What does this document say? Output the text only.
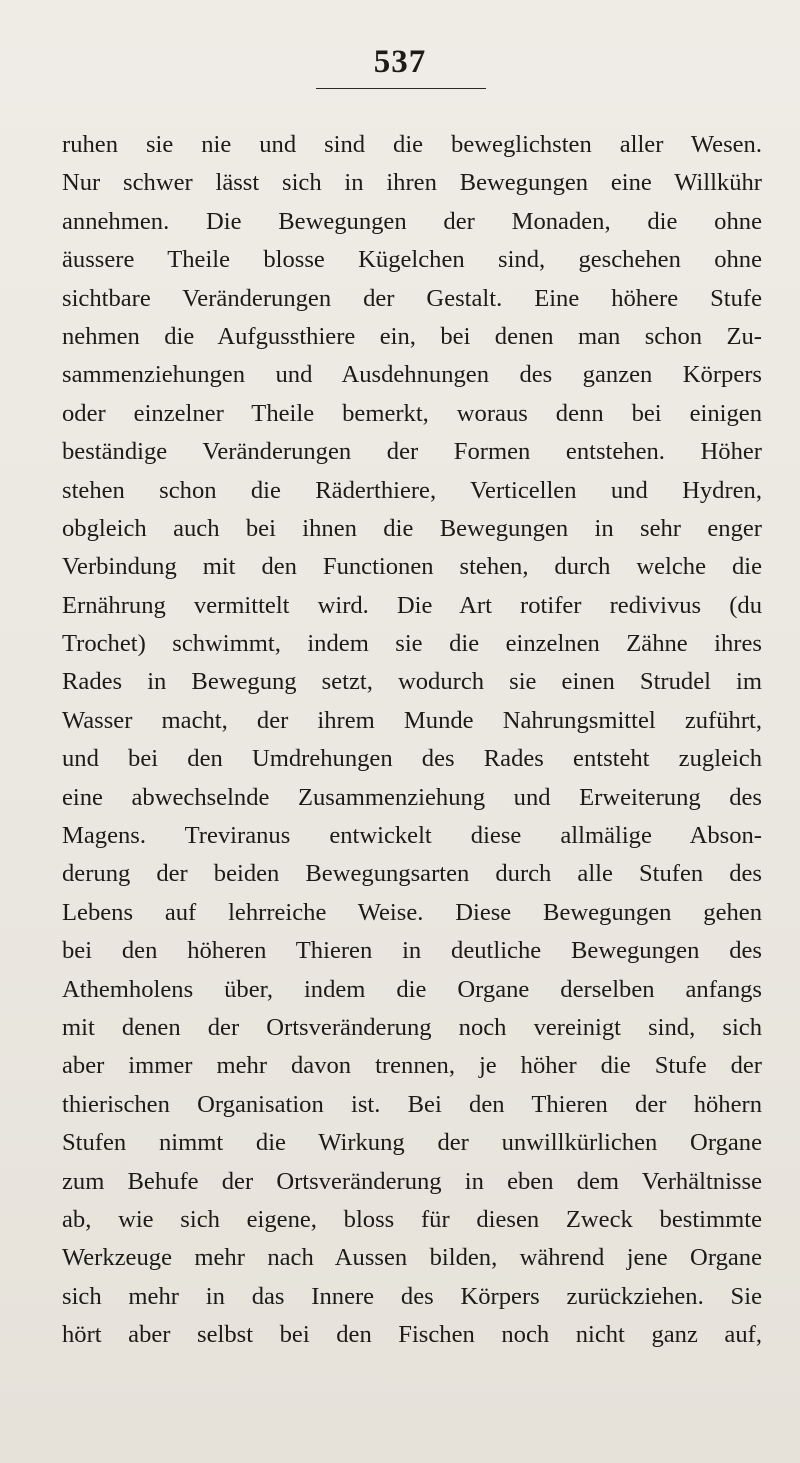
537
ruhen sie nie und sind die beweglichsten aller Wesen.
Nur schwer lässt sich in ihren Bewegungen eine Willkühr
annehmen. Die Bewegungen der Monaden, die ohne
äussere Theile blosse Kügelchen sind, geschehen ohne
sichtbare Veränderungen der Gestalt. Eine höhere Stufe
nehmen die Aufgussthiere ein, bei denen man schon Zu-
sammenziehungen und Ausdehnungen des ganzen Körpers
oder einzelner Theile bemerkt, woraus denn bei einigen
beständige Veränderungen der Formen entstehen. Höher
stehen schon die Räderthiere, Verticellen und Hydren,
obgleich auch bei ihnen die Bewegungen in sehr enger
Verbindung mit den Functionen stehen, durch welche die
Ernährung vermittelt wird. Die Art rotifer redivivus (du
Trochet) schwimmt, indem sie die einzelnen Zähne ihres
Rades in Bewegung setzt, wodurch sie einen Strudel im
Wasser macht, der ihrem Munde Nahrungsmittel zuführt,
und bei den Umdrehungen des Rades entsteht zugleich
eine abwechselnde Zusammenziehung und Erweiterung des
Magens. Treviranus entwickelt diese allmälige Abson-
derung der beiden Bewegungsarten durch alle Stufen des
Lebens auf lehrreiche Weise. Diese Bewegungen gehen
bei den höheren Thieren in deutliche Bewegungen des
Athemholens über, indem die Organe derselben anfangs
mit denen der Ortsveränderung noch vereinigt sind, sich
aber immer mehr davon trennen, je höher die Stufe der
thierischen Organisation ist. Bei den Thieren der höhern
Stufen nimmt die Wirkung der unwillkürlichen Organe
zum Behufe der Ortsveränderung in eben dem Verhältnisse
ab, wie sich eigene, bloss für diesen Zweck bestimmte
Werkzeuge mehr nach Aussen bilden, während jene Organe
sich mehr in das Innere des Körpers zurückziehen. Sie
hört aber selbst bei den Fischen noch nicht ganz auf,
